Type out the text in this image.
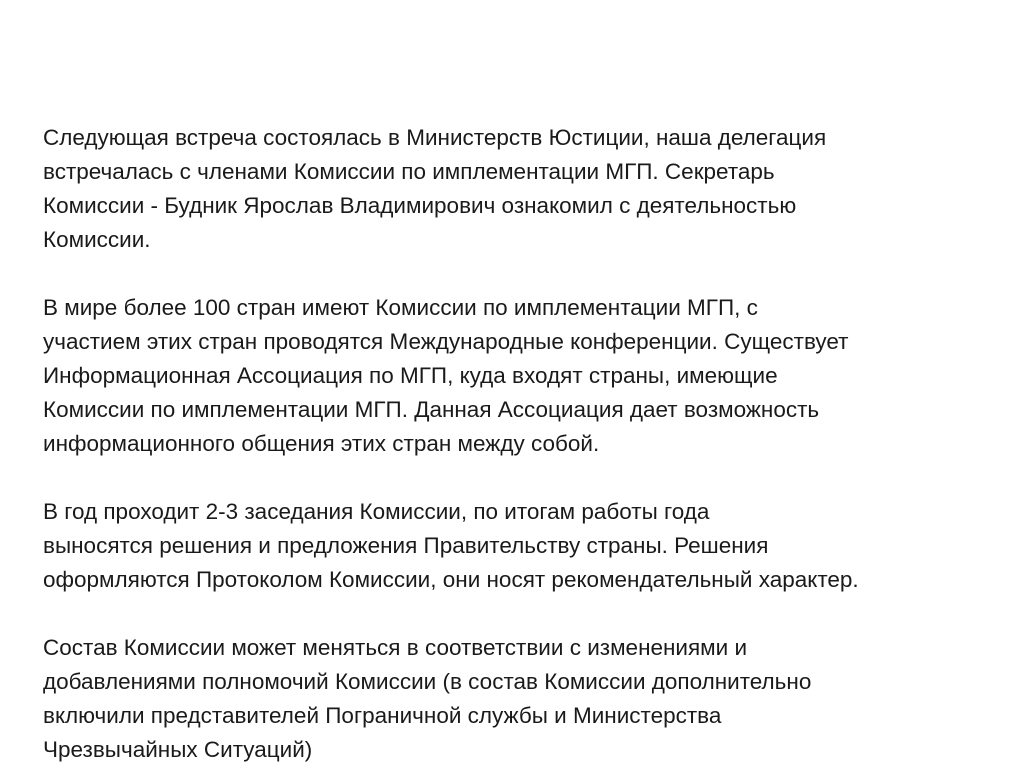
Следующая встреча состоялась в Министерств Юстиции, наша делегация
встречалась с членами Комиссии по имплементации МГП. Секретарь
Комиссии - Будник Ярослав Владимирович ознакомил с деятельностью
Комиссии.

В мире более 100 стран имеют Комиссии по имплементации МГП, с
участием этих стран проводятся Международные конференции. Существует
Информационная Ассоциация по МГП, куда входят страны, имеющие
Комиссии по имплементации МГП. Данная Ассоциация дает возможность
информационного общения этих стран между собой.

В год проходит 2-3 заседания Комиссии, по итогам работы года
выносятся решения и предложения Правительству страны. Решения
оформляются Протоколом Комиссии, они носят рекомендательный характер.

Состав Комиссии может меняться в соответствии с изменениями и
добавлениями полномочий Комиссии (в состав Комиссии дополнительно
включили представителей Пограничной службы и Министерства
Чрезвычайных Ситуаций)
